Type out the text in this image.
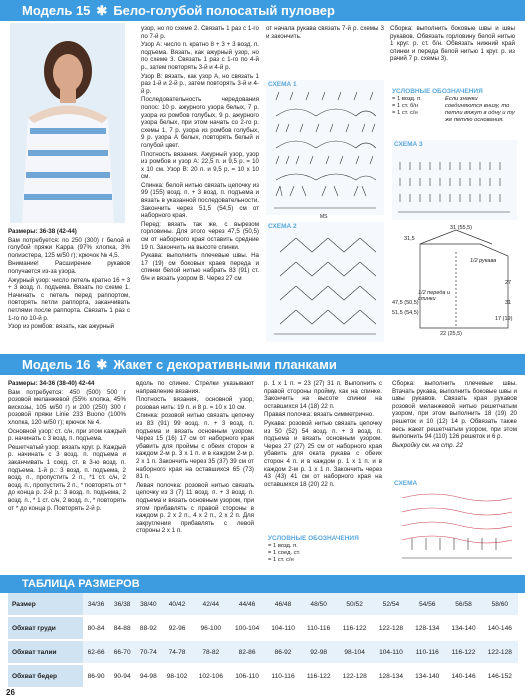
Модель 15 ✱ Бело-голубой полосатый пуловер

Размеры: 36-38 (42-44)

Вам потребуется: по 250 (300) г белой и голубой пряжи Kappa (97% хлопка, 3% полиэстера, 125 м/50 г); крючок № 4,5.

Внимание! Расширение рукавов получается из-за узора.

Ажурный узор: число петель кратно 16 + 3 + 3 возд. п. подъема. Вязать по схеме 1. Начинать с петель перед раппортом, повторять петли раппорта, заканчивать петлями после раппорта. Связать 1 раз с 1-го по 10-й р.

Узор из ромбов: вязать, как ажурный

узор, но по схеме 2. Связать 1 раз с 1-го по 7-й р.

Узор А: число п. кратно 8 + 3 + 3 возд. п. подъема. Вязать, как ажурный узор, но по схеме 3. Связать 1 раз с 1-го по 4-й р., затем повторять 3-й и 4-й р.

Узор В: вязать, как узор А, но связать 1 раз 1-й и 2-й р., затем повторять 3-й и 4-й р.

Последовательность чередования полос: 10 р. ажурного узора белых, 7 р. узора из ромбов голубых, 9 р. ажурного узора белых, при этом начать со 2-го р. схемы 1, 7 р. узора из ромбов голубых, 9 р. узора А белых, повторять белый и голубой цвет.

Плотность вязания. Ажурный узор, узор из ромбов и узор А: 22,5 п. и 9,5 р. = 10 х 10 см. Узор В: 20 п. и 9,5 р. = 10 х 10 см.

Спинка: белой нитью связать цепочку из 99 (155) возд. п. + 3 возд. п. подъема и вязать в указанной последовательности. Закончить через 51,5 (54,5) см от наборного края.

Перед: вязать так же, с вырезом горловины. Для этого через 47,5 (50,5) см от наборного края оставить средние 19 п. Закончить на высоте спинки.

Рукава: выполнить плечевые швы. На 17 (19) см боковых краев переда и спинки белой нитью набрать 83 (91) ст. б/н и вязать узором В. Через 27 см

от начала рукава связать 7-й р. схемы 3 и закончить.

Сборка: выполнить боковые швы и швы рукавов. Обвязать горловину белой нитью 1 круг. р. ст. б/н. Обвязать нижний край спинки и переда белой нитью 1 круг. р. из рачий 7 р. схемы 3).

СХЕМА 1
MS
УСЛОВНЫЕ ОБОЗНАЧЕНИЯ
= 1 возд. п.
= 1 ст. б/н
= 1 ст. с/н
Если значки соединяются внизу, то петли вяжут в одну и ту же петлю основания.
СХЕМА 3
СХЕМА 2	31 (55,5)
31,5
1/2 рукава
1/2 переда и спинки
47,5 (50,5)
51,5 (54,5)
27
31
17 (19)
22 (25,5)
Модель 16 ✱ Жакет с декоративными планками

Размеры: 34-36 (38-40) 42-44

Вам потребуется: 450 (500) 500 г розовой меланжевой (55% хлопка, 45% вискозы, 105 м/50 г) и 200 (250) 300 г розовой пряжи Linie 233 Buono (100% хлопка, 120 м/50 г); крючок № 4.

Основной узор: ст. с/н, при этом каждый р. начинать с 3 возд. п. подъема.

Решетчатый узор: вязать круг. р. Каждый р. начинать с 3 возд. п. подъема и заканчивать 1 соед. ст. в 3-ю возд. п. подъема. 1-й р.: 3 возд. п. подъема, 2 возд. п., пропустить 2 п., *1 ст. с/н, 2 возд. п., пропустить 2 п., * повторять от * до конца р. 2-й р.: 3 возд. п. подъема, 2 возд. п., * 1 ст. с/н, 2 возд. п., * повторять от * до конца р. Повторять 2-й р.

вдоль по спинке. Стрелки указывают направление вязания.

Плотность вязания, основной узор, розовая нить: 19 п. и 8 р. = 10 х 10 см.

Спинка: розовой нитью связать цепочку из 83 (91) 99 возд. п. + 3 возд. п. подъема и вязать основным узором. Через 15 (16) 17 см от наборного края убавить для проймы с обеих сторон в каждом 2-м р. 3 х 1 п. и в каждом 2-м р. 2 х 1 п. Закончить через 35 (37) 39 см от наборного края на оставшихся 65 (73) 81 п.

Левая полочка: розовой нитью связать цепочку из 3 (7) 11 возд. п. + 3 возд. п. подъема и вязать основным узором, при этом прибавлять с правой стороны в каждом р. 2 х 2 п., 4 х 2 п., 2 х 2 п. Для закругления прибавлять с левой стороны 2 х 1 п.

р. 1 х 1 п. = 23 (27) 31 п. Выполнить с правой стороны пройму, как на спинке. Закончить на высоте спинки на оставшихся 14 (18) 22 п.

Правая полочка: вязать симметрично.

Рукава: розовой нитью связать цепочку из 50 (52) 54 возд. п. + 3 возд. п. подъема и вязать основным узором. Через 27 (27) 25 см от наборного края убавить для оката рукава с обеих сторон 4 п. и в каждом р. 1 х 1 п. и в каждом 2-м р. 1 х 1 п. Закончить через 43 (43) 41 см от наборного края на оставшихся 18 (20) 22 п.

Сборка: выполнить плечевые швы. Втачать рукава, выполнить боковые швы и швы рукавов. Связать края рукавов розовой меланжевой нитью решетчатым узором, при этом выполнить 18 (19) 20 решеток и 10 (12) 14 р. Обвязать также весь жакет решетчатым узором, при этом выполнить 94 (110) 126 решеток и 6 р.

Выкройку см. на стр. 22

СХЕМА
УСЛОВНЫЕ ОБОЗНАЧЕНИЯ
= 1 возд. п.
= 1 соед. ст.
= 1 ст. с/н
ТАБЛИЦА РАЗМЕРОВ
Размер	34/36	36/38	38/40	40/42	42/44	44/46	46/48	48/50	50/52	52/54	54/56	56/58	58/60
Обхват груди	80-84	84-88	88-92	92-96	96-100	100-104	104-110	110-116	116-122	122-128	128-134	134-140	140-146
Обхват талии	62-66	66-70	70-74	74-78	78-82	82-86	86-92	92-98	98-104	104-110	110-116	116-122	122-128
Обхват бедер	86-90	90-94	94-98	98-102	102-106	106-110	110-116	116-122	122-128	128-134	134-140	140-146	146-152
26
